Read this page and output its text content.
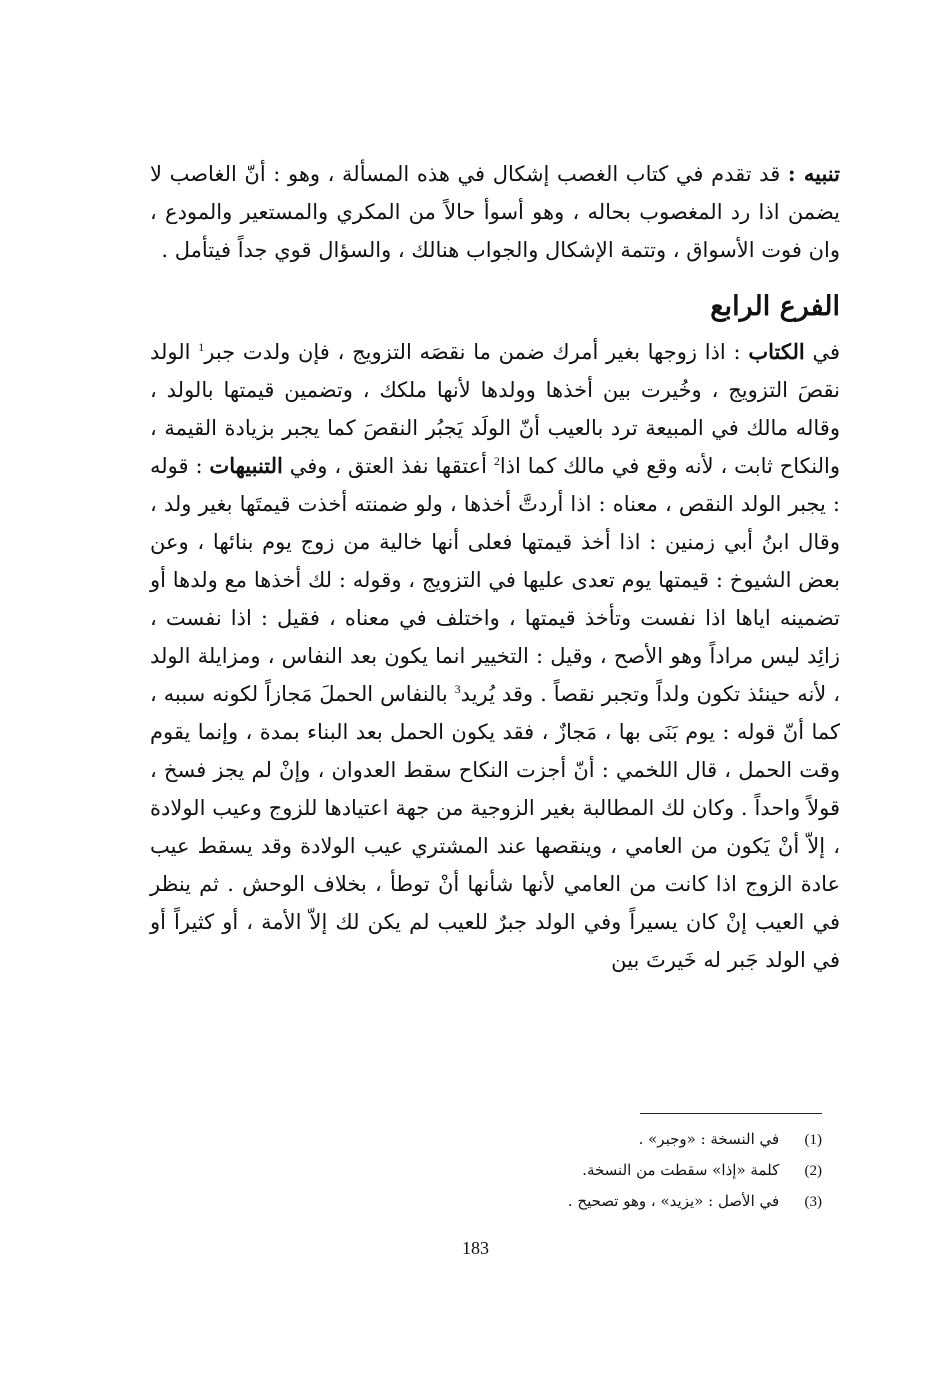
تنبيه : قد تقدم في كتاب الغصب إشكال في هذه المسألة ، وهو : أنّ الغاصب لا يضمن اذا رد المغصوب بحاله ، وهو أسوأ حالاً من المكري والمستعير والمودع ، وان فوت الأسواق ، وتتمة الإشكال والجواب هنالك ، والسؤال قوي جداً فيتأمل .

الفرع الرابع

في الكتاب : اذا زوجها بغير أمرك ضمن ما نقصَه التزويج ، فإن ولدت جبر$^1$ الولد نقصَ التزويج ، وخُيرت بين أخذها وولدها لأنها ملكك ، وتضمين قيمتها بالولد ، وقاله مالك في المبيعة ترد بالعيب أنّ الولَد يَجبُر النقصَ كما يجبر بزيادة القيمة ، والنكاح ثابت ، لأنه وقع في مالك كما اذا$^2$ أعتقها نفذ العتق ، وفي التنبيهات : قوله : يجبر الولد النقص ، معناه : اذا أردتَّ أخذها ، ولو ضمنته أخذت قيمتَها بغير ولد ، وقال ابنُ أبي زمنين : اذا أخذ قيمتها فعلى أنها خالية من زوج يوم بنائها ، وعن بعض الشيوخ : قيمتها يوم تعدى عليها في التزويج ، وقوله : لك أخذها مع ولدها أو تضمينه اياها اذا نفست وتأخذ قيمتها ، واختلف في معناه ، فقيل : اذا نفست ، زائِد ليس مراداً وهو الأصح ، وقيل : التخيير انما يكون بعد النفاس ، ومزايلة الولد ، لأنه حينئذ تكون ولداً وتجبر نقصاً . وقد يُريد$^3$ بالنفاس الحملَ مَجازاً لكونه سببه ، كما أنّ قوله : يوم بَنَى بها ، مَجازٌ ، فقد يكون الحمل بعد البناء بمدة ، وإنما يقوم وقت الحمل ، قال اللخمي : أنّ أجزت النكاح سقط العدوان ، وإنْ لم يجز فسخ ، قولاً واحداً . وكان لك المطالبة بغير الزوجية من جهة اعتيادها للزوج وعيب الولادة ، إلاّ أنْ يَكون من العامي ، وينقصها عند المشتري عيب الولادة وقد يسقط عيب عادة الزوج اذا كانت من العامي لأنها شأنها أنْ توطأ ، بخلاف الوحش . ثم ينظر في العيب إنْ كان يسيراً وفي الولد جبرٌ للعيب لم يكن لك إلاّ الأمة ، أو كثيراً أو في الولد جَبر له خَيرتَ بين

(1) في النسخة : «وجبر» .
(2) كلمة «إذا» سقطت من النسخة.
(3) في الأصل : «يزيد» ، وهو تصحيح .
183
